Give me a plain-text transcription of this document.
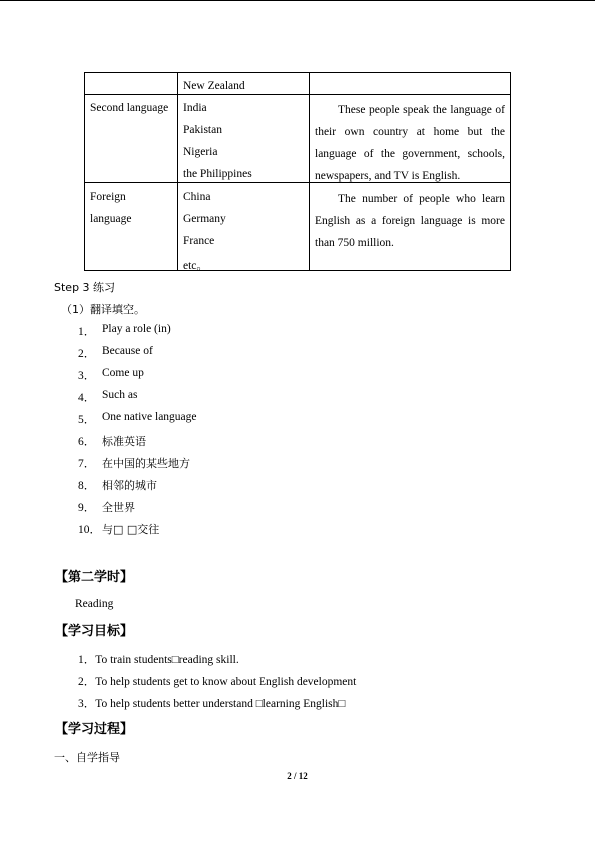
New Zealand
Second language India
Pakistan
Nigeria
the Philippines

These people speak the language of their own country at home but the language of the government, schools, newspapers, and TV is English.

Foreign
language
China
Germany
France
etc。

The number of people who learn English as a foreign language is more than 750 million.

Step 3 练习
（1）翻译填空。
1． Play a role (in)
2． Because of
3． Come up
4． Such as
5． One native language
6． 标准英语
7． 在中国的某些地方
8． 相邻的城市
9． 全世界
10． 与□ □交往
【第二学时】
Reading
【学习目标】
1．To train students□reading skill.
2．To help students get to know about English development
3．To help students better understand □learning English□
【学习过程】
一、自学指导
2 / 12
